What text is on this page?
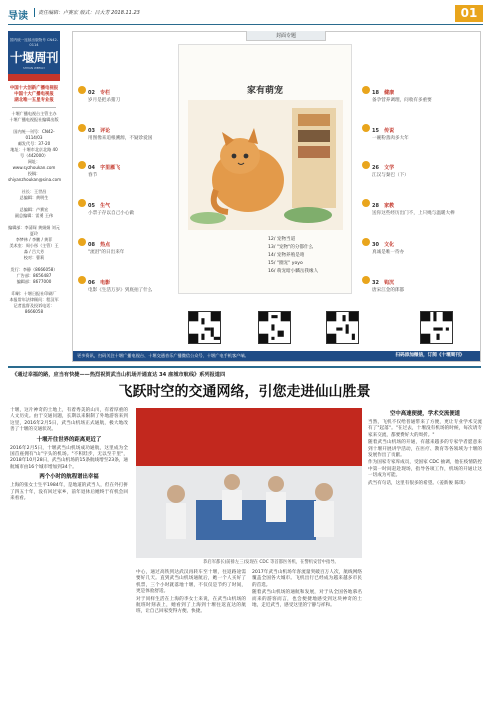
导读 责任编辑：卢赛宏 版式：吕大芳 2018.11.23	01
国内统一连续出版物号 CN42-0114
十堰周刊
SHIYAN WEEKLY
中国十大创新广播电视报
中国十大广播电视报
湖北唯一五星专业报
十堰广播电视台主管主办
十堰广播电视报社编辑出版
国内统一刊号：CN42-0114/03
邮发代号：37-20
地址：十堰市北京北路 40 号（442000）
网址：www.syzhoukan.com
投稿：shiyanzhoukan@sina.com
社长：王世昌
总编辑：黄明生
总编辑：卢赛宏
副总编辑：雷勇 王伟
编辑部：李清琛 黄娟娟 刘元 夏玲
李梦林 / 李鹏 / 黄菲
美术室：周小彤（主管）王淼 / 吕大芳
校对：曹莉
发行：李静（8666058）
广告部：8656487
编辑部：8677000
印刷：十堰日报社印刷厂
本报常年法律顾问：程汉军
记者监督及投诉电话：8666058
封面专题
02 专栏
岁月是把杀猪刀
03 评论
用图像来追根溯源，不疑诊爱国
04 字里雁飞
春节
05 生气
小票子存以自己小心做
08 热点
"流泪"的日出来年
06 电影
电影《生活万岁》到底拍了什么
18 健康
备孕营养调理，问收有多重要
15 传说
一碗粉蒸肉多大年
26 文学
江汉与秦巴（下）
28 家教
送你这些经历出门不，上只绳与温暖大棒
30 文化
真诚是唯一待办
32 钩沉
唐宋江金的郎都
家有萌宠
12/ 宠物当道
13/ "宠物"的分都什么
14/ 宠物养殖是咱
15/ "圈宠" yoyo
16/ 萌宠暗小麟岳我缘人
更多资讯，扫码关注十堰广播电视台、十堰交通音乐广播微信公众号、十堰广电手机客户端。	扫码添加微信，订阅《十堰周刊》
《通过幸福的路，应当有快捷——热烈祝贺武当山机场开通直达 34 座城市航线》系列报道四
飞跃时空的交通网络，引您走进仙山胜景

十堰，这片神奇的土地上，有着秀美的山川，有着厚重的人文历史。由于交通问题，长期以来限制了外地游客来到这里，2016年2月5日，武当山机场正式通航，极大地改善了十堰的交通状况。

十堰开往世界的距离更近了

2016年2月5日，十堰武当山机场成功通航，这里成为全国首座拥有"山"字头的机场。"不积跬步，无以至千里"，2018年10月28日，武当山机场的15条航线增至23条，通航城市由16个城市增加到34个。

两个小时的航程谱出幸福

上海的张女士生平1984年，是地道的武当人，但在外打拼了四五十年，没有回过家乡，前年退休后她终于有机会回来看看。

恭启军都长(前排左三)发现在 CDC 等首都医务机，在警机安营中指导。

中心，通过高铁到达武汉再转车至十堰，往返路途需要好几天。直到武当山机场通航后，她一个人买好了机票，三个小时就落地十堰，不仅仅是节约了时间，更是体验舒适。

对于同样生活在上海的李女士来说，在武当山机场的航班时刻表上，她看到了上海到十堰往返直达的航班，让自己回家变得方便、快捷。

2017年武当山机场年客流量突破百万人次，航线网络覆盖全国各大城市。飞机出行已经成为越来越多市民的首选。

随着武当山机场的通航和发展，对于从全国各地慕名而来的游客而言，也会便捷地感受到这块神奇的土地，走近武当，感受这里的宁静与祥和。

空中高速便捷，学术交流便道

当然，飞机不仅给普通带来了方便，更让专业学术交流有了"起落"。"在过去，十堰没有机场的时候，每次请专家来交流，都要费好大的周折。"

随着武当山机场的开通，有越来越多的专家学者愿意来到十堰开展讲学活动，在医疗、教育等各领域为十堰的发展作出了贡献。

作为国家专家库成员，受国家 CDC 抽调，他在疫情防控中第一时间赶赴现场，指导各项工作，机场的开通让这一切成为可能。

武当有句话，这里有很多的希望。（姜新俊 陈琪）
